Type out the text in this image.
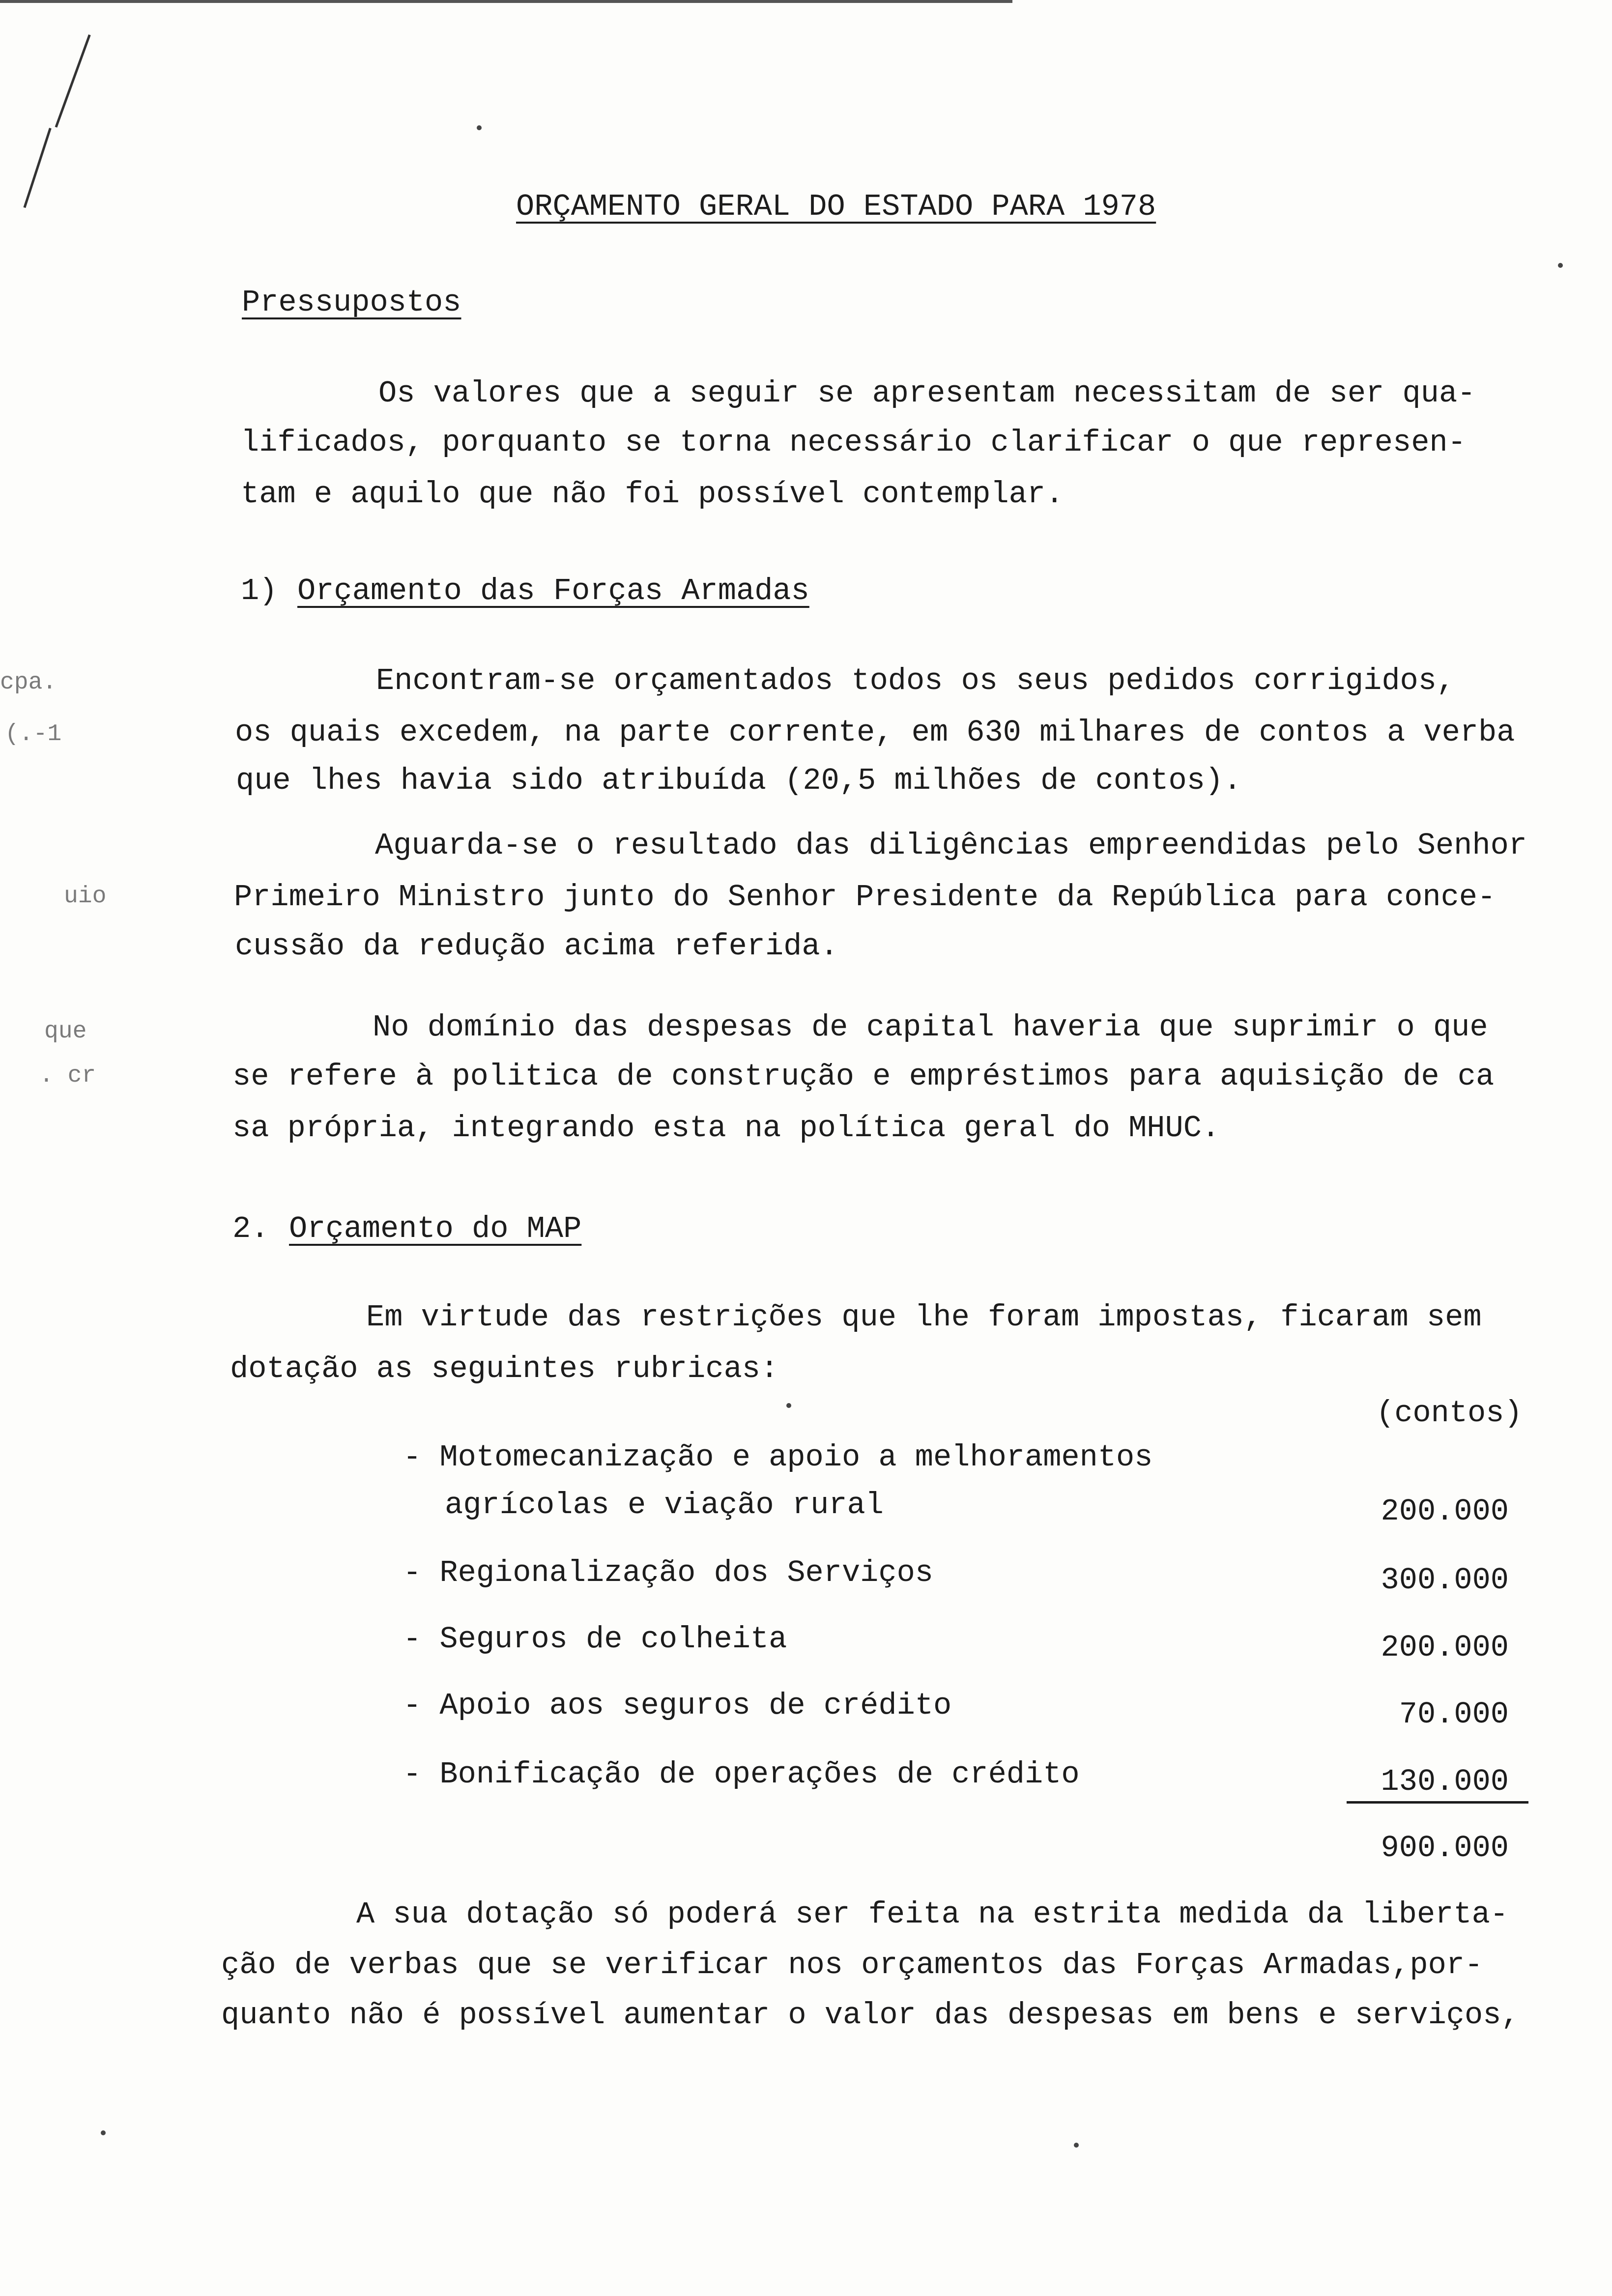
ORÇAMENTO GERAL DO ESTADO PARA 1978
Pressupostos
Os valores que a seguir se apresentam necessitam de ser qua-
lificados, porquanto se torna necessário clarificar o que represen-
tam e aquilo que não foi possível contemplar.
1) Orçamento das Forças Armadas
Encontram-se orçamentados todos os seus pedidos corrigidos,
os quais excedem, na parte corrente, em 630 milhares de contos a verba
que lhes havia sido atribuída (20,5 milhões de contos).
Aguarda-se o resultado das diligências empreendidas pelo Senhor
Primeiro Ministro junto do Senhor Presidente da República para conce-
cussão da redução acima referida.
No domínio das despesas de capital haveria que suprimir o que
se refere à politica de construção e empréstimos para aquisição de ca
sa própria, integrando esta na política geral do MHUC.
2. Orçamento do MAP
Em virtude das restrições que lhe foram impostas, ficaram sem
dotação as seguintes rubricas:
(contos)
- Motomecanização e apoio a melhoramentos
agrícolas e viação rural	200.000
- Regionalização dos Serviços	300.000
- Seguros de colheita	200.000
- Apoio aos seguros de crédito	70.000
- Bonificação de operações de crédito	130.000
900.000
A sua dotação só poderá ser feita na estrita medida da liberta-
ção de verbas que se verificar nos orçamentos das Forças Armadas,por-
quanto não é possível aumentar o valor das despesas em bens e serviços,
cpa.
(.-1
uio
que
. cr
